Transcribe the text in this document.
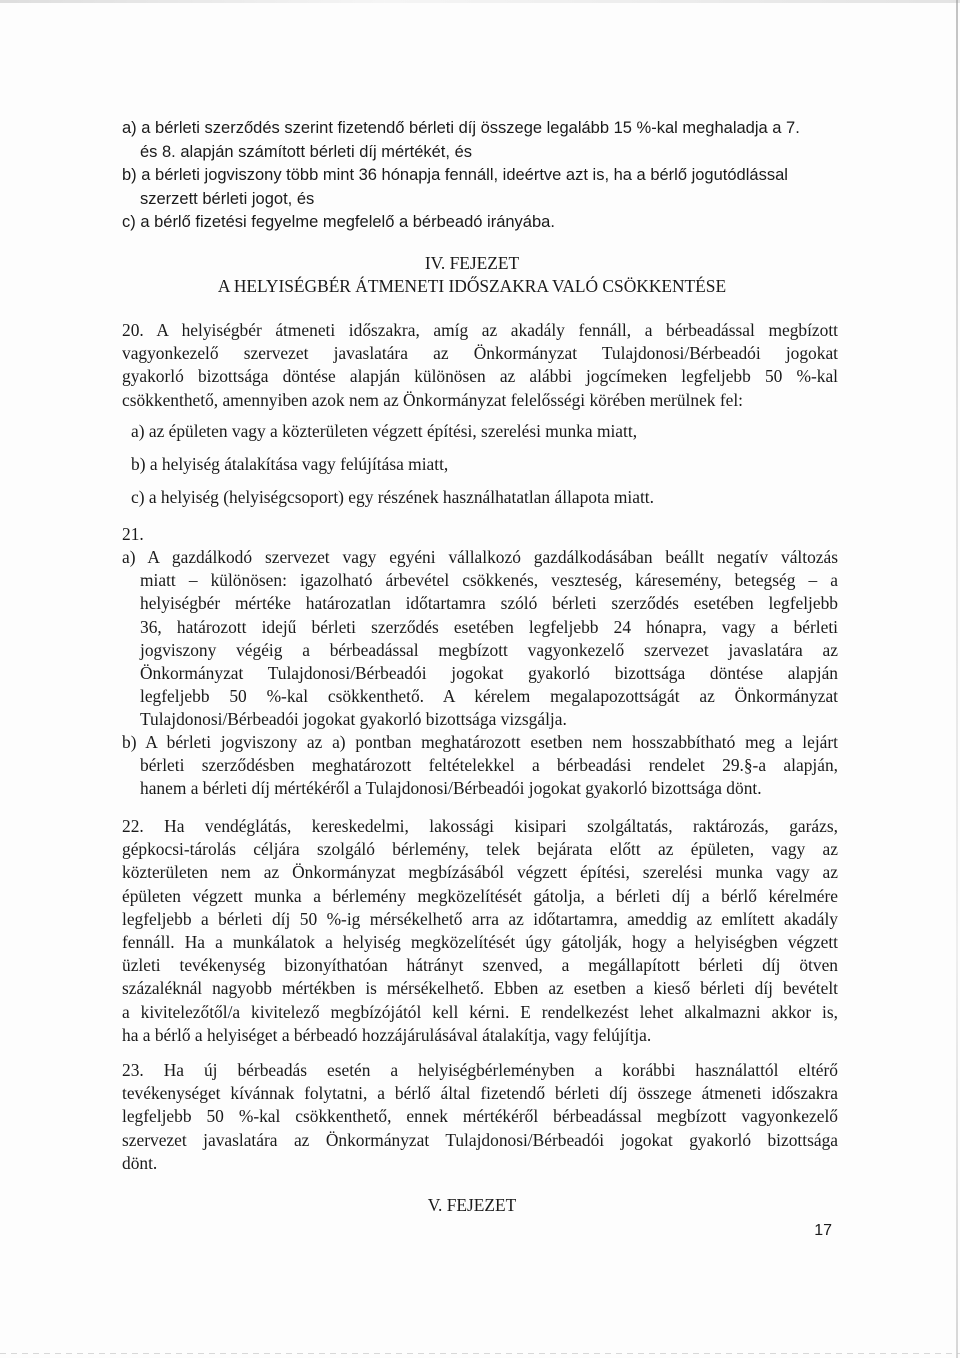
a) a bérleti szerződés szerint fizetendő bérleti díj összege legalább 15 %-kal meghaladja a 7.
és 8. alapján számított bérleti díj mértékét, és
b) a bérleti jogviszony több mint 36 hónapja fennáll, ideértve azt is, ha a bérlő jogutódlással
szerzett bérleti jogot, és
c) a bérlő fizetési fegyelme megfelelő a bérbeadó irányába.
IV. FEJEZET
A HELYISÉGBÉR ÁTMENETI IDŐSZAKRA VALÓ CSÖKKENTÉSE
20. A helyiségbér átmeneti időszakra, amíg az akadály fennáll, a bérbeadással megbízott
vagyonkezelő szervezet javaslatára az Önkormányzat Tulajdonosi/Bérbeadói jogokat
gyakorló bizottsága döntése alapján különösen az alábbi jogcímeken legfeljebb 50 %-kal
csökkenthető, amennyiben azok nem az Önkormányzat felelősségi körében merülnek fel:
a) az épületen vagy a közterületen végzett építési, szerelési munka miatt,
b) a helyiség átalakítása vagy felújítása miatt,
c) a helyiség (helyiségcsoport) egy részének használhatatlan állapota miatt.
21.
a) A gazdálkodó szervezet vagy egyéni vállalkozó gazdálkodásában beállt negatív változás
miatt – különösen: igazolható árbevétel csökkenés, veszteség, káresemény, betegség – a
helyiségbér mértéke határozatlan időtartamra szóló bérleti szerződés esetében legfeljebb
36, határozott idejű bérleti szerződés esetében legfeljebb 24 hónapra, vagy a bérleti
jogviszony végéig a bérbeadással megbízott vagyonkezelő szervezet javaslatára az
Önkormányzat Tulajdonosi/Bérbeadói jogokat gyakorló bizottsága döntése alapján
legfeljebb 50 %-kal csökkenthető. A kérelem megalapozottságát az Önkormányzat
Tulajdonosi/Bérbeadói jogokat gyakorló bizottsága vizsgálja.
b) A bérleti jogviszony az a) pontban meghatározott esetben nem hosszabbítható meg a lejárt
bérleti szerződésben meghatározott feltételekkel a bérbeadási rendelet 29.§-a alapján,
hanem a bérleti díj mértékéről a Tulajdonosi/Bérbeadói jogokat gyakorló bizottsága dönt.
22. Ha vendéglátás, kereskedelmi, lakossági kisipari szolgáltatás, raktározás, garázs,
gépkocsi-tárolás céljára szolgáló bérlemény, telek bejárata előtt az épületen, vagy az
közterületen nem az Önkormányzat megbízásából végzett építési, szerelési munka vagy az
épületen végzett munka a bérlemény megközelítését gátolja, a bérleti díj a bérlő kérelmére
legfeljebb a bérleti díj 50 %-ig mérsékelhető arra az időtartamra, ameddig az említett akadály
fennáll. Ha a munkálatok a helyiség megközelítését úgy gátolják, hogy a helyiségben végzett
üzleti tevékenység bizonyíthatóan hátrányt szenved, a megállapított bérleti díj ötven
százaléknál nagyobb mértékben is mérsékelhető. Ebben az esetben a kieső bérleti díj bevételt
a kivitelezőtől/a kivitelező megbízójától kell kérni. E rendelkezést lehet alkalmazni akkor is,
ha a bérlő a helyiséget a bérbeadó hozzájárulásával átalakítja, vagy felújítja.
23. Ha új bérbeadás esetén a helyiségbérleményben a korábbi használattól eltérő
tevékenységet kívánnak folytatni, a bérlő által fizetendő bérleti díj összege átmeneti időszakra
legfeljebb 50 %-kal csökkenthető, ennek mértékéről bérbeadással megbízott vagyonkezelő
szervezet javaslatára az Önkormányzat Tulajdonosi/Bérbeadói jogokat gyakorló bizottsága
dönt.
V. FEJEZET
17
